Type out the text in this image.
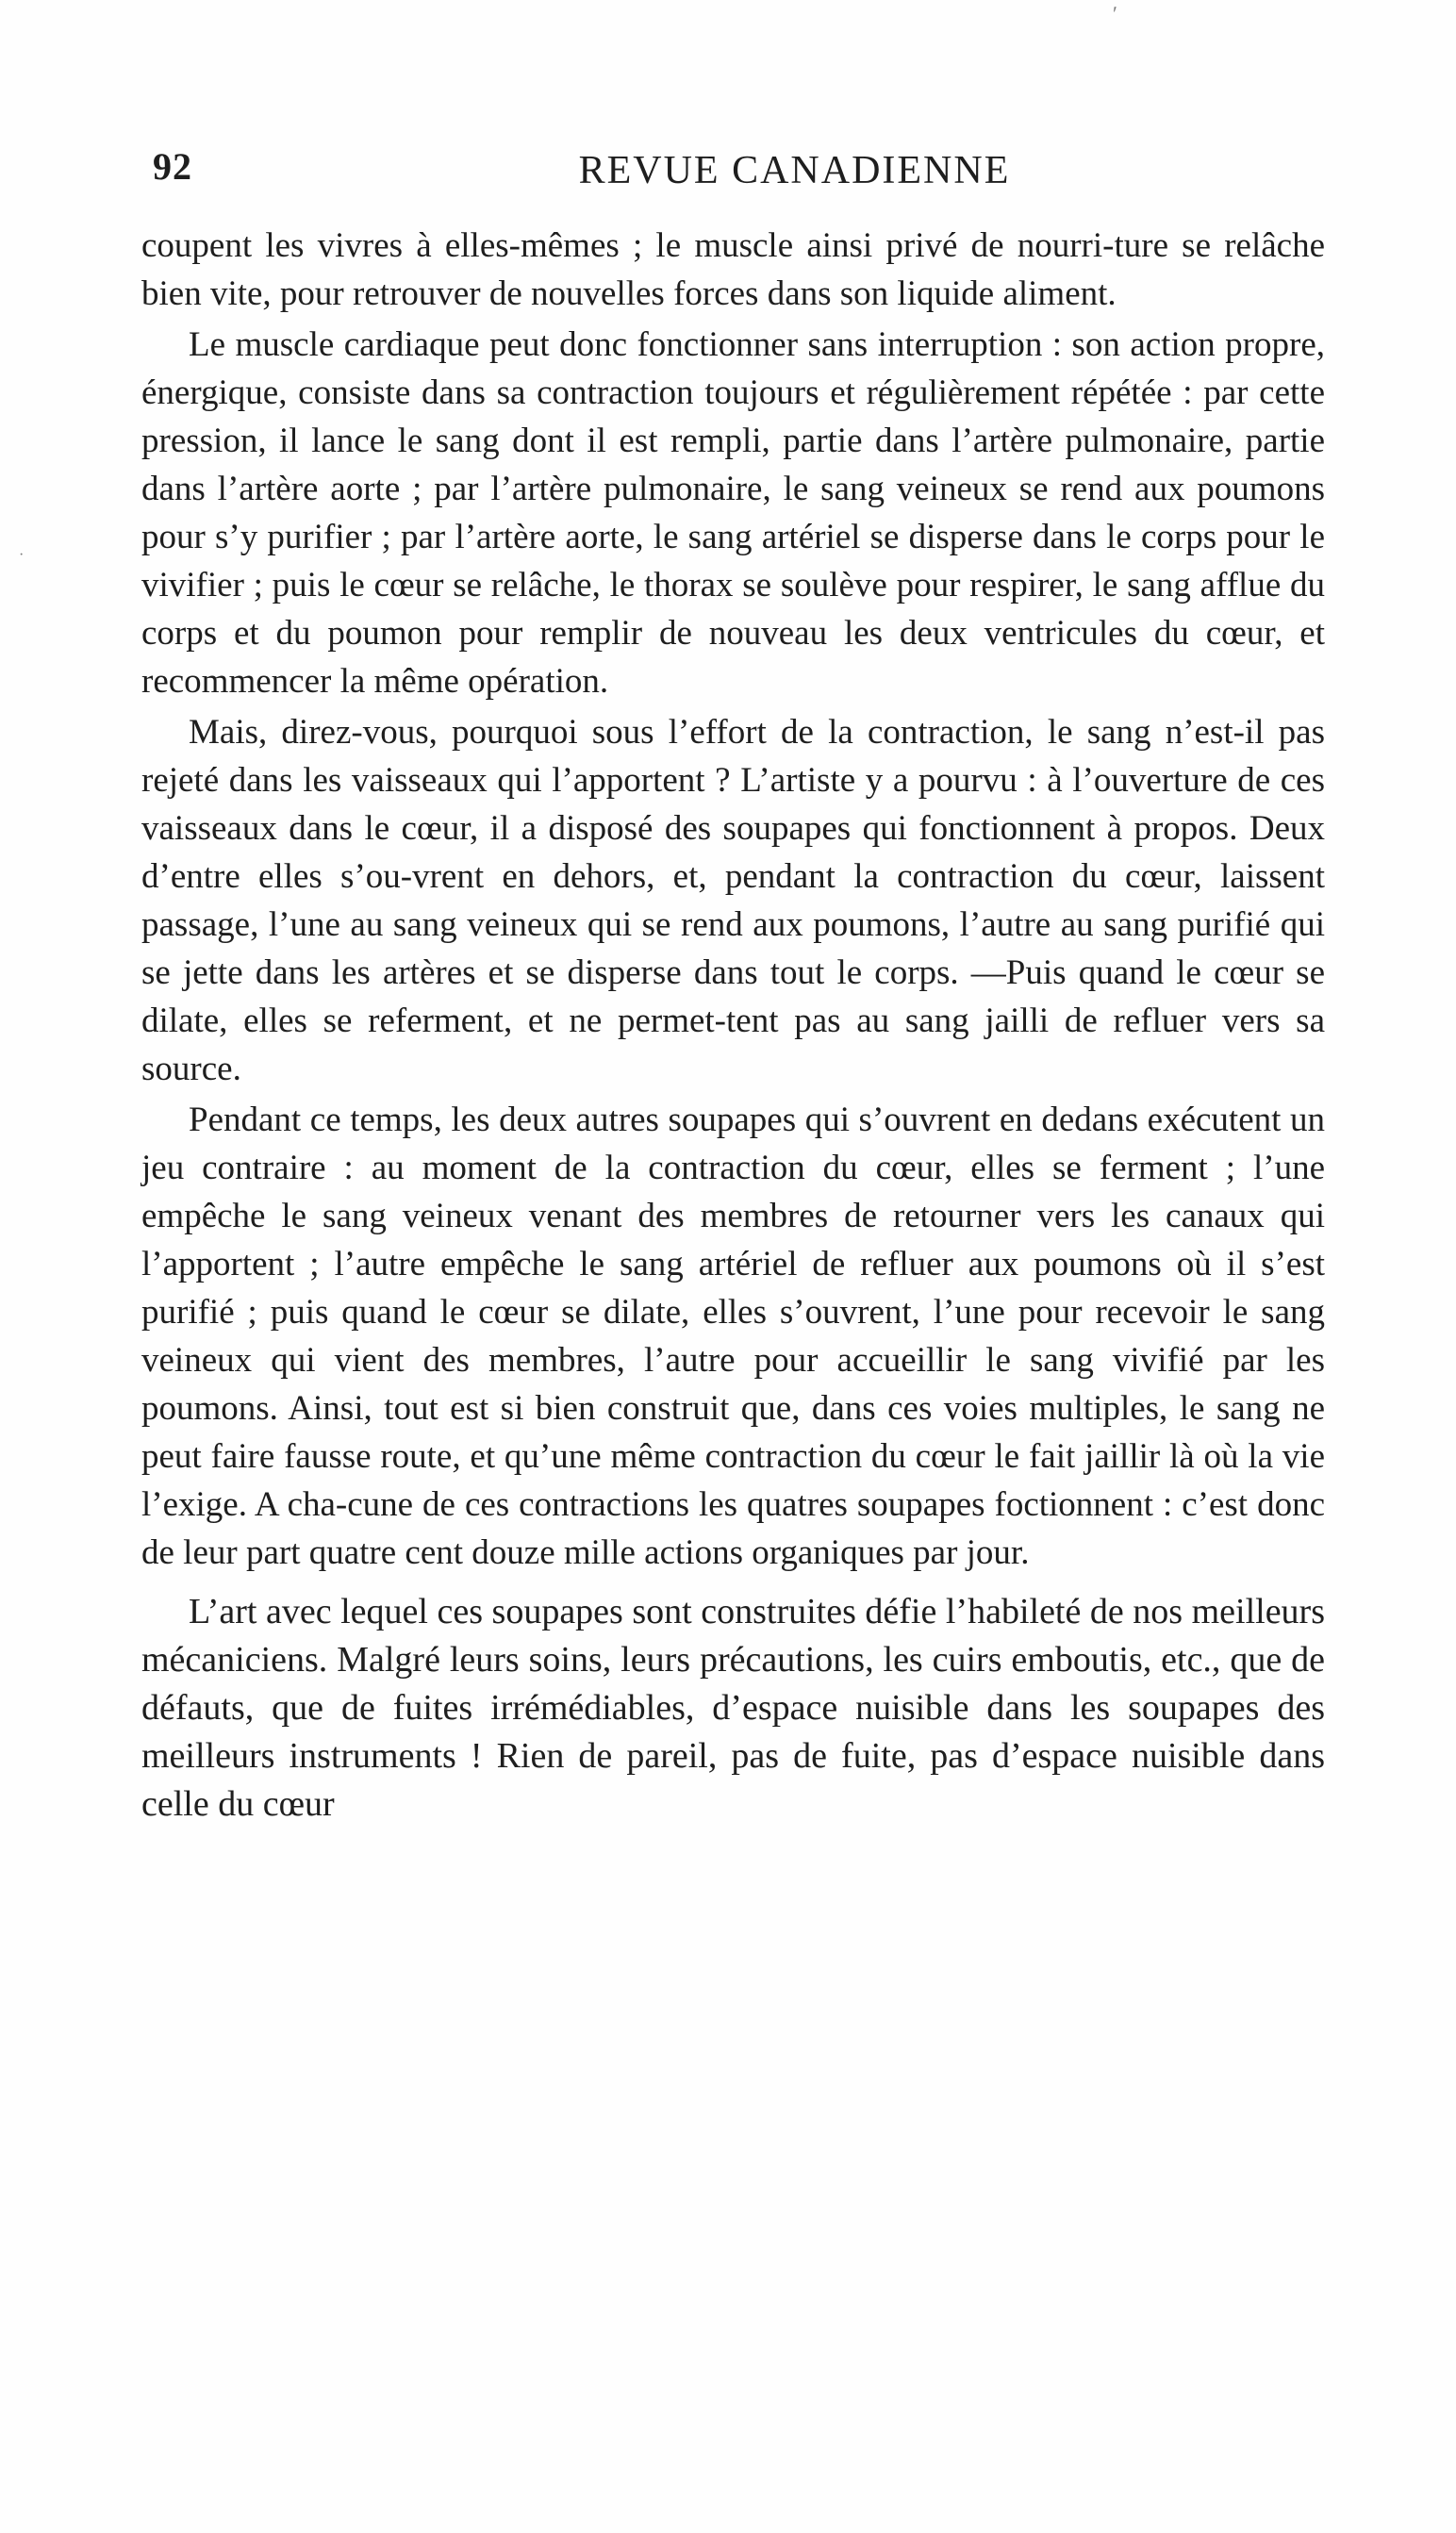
ʹ
·
92	REVUE CANADIENNE

coupent les vivres à elles-mêmes ; le muscle ainsi privé de nourri-ture se relâche bien vite, pour retrouver de nouvelles forces dans son liquide aliment.

Le muscle cardiaque peut donc fonctionner sans interruption : son action propre, énergique, consiste dans sa contraction toujours et régulièrement répétée : par cette pression, il lance le sang dont il est rempli, partie dans l’artère pulmonaire, partie dans l’artère aorte ; par l’artère pulmonaire, le sang veineux se rend aux poumons pour s’y purifier ; par l’artère aorte, le sang artériel se disperse dans le corps pour le vivifier ; puis le cœur se relâche, le thorax se soulève pour respirer, le sang afflue du corps et du poumon pour remplir de nouveau les deux ventricules du cœur, et recommencer la même opération.

Mais, direz-vous, pourquoi sous l’effort de la contraction, le sang n’est-il pas rejeté dans les vaisseaux qui l’apportent ? L’artiste y a pourvu : à l’ouverture de ces vaisseaux dans le cœur, il a disposé des soupapes qui fonctionnent à propos. Deux d’entre elles s’ou-vrent en dehors, et, pendant la contraction du cœur, laissent passage, l’une au sang veineux qui se rend aux poumons, l’autre au sang purifié qui se jette dans les artères et se disperse dans tout le corps. —Puis quand le cœur se dilate, elles se referment, et ne permet-tent pas au sang jailli de refluer vers sa source.

Pendant ce temps, les deux autres soupapes qui s’ouvrent en dedans exécutent un jeu contraire : au moment de la contraction du cœur, elles se ferment ; l’une empêche le sang veineux venant des membres de retourner vers les canaux qui l’apportent ; l’autre empêche le sang artériel de refluer aux poumons où il s’est purifié ; puis quand le cœur se dilate, elles s’ouvrent, l’une pour recevoir le sang veineux qui vient des membres, l’autre pour accueillir le sang vivifié par les poumons. Ainsi, tout est si bien construit que, dans ces voies multiples, le sang ne peut faire fausse route, et qu’une même contraction du cœur le fait jaillir là où la vie l’exige. A cha-cune de ces contractions les quatres soupapes foctionnent : c’est donc de leur part quatre cent douze mille actions organiques par jour.

L’art avec lequel ces soupapes sont construites défie l’habileté de nos meilleurs mécaniciens. Malgré leurs soins, leurs précautions, les cuirs emboutis, etc., que de défauts, que de fuites irrémédiables, d’espace nuisible dans les soupapes des meilleurs instruments ! Rien de pareil, pas de fuite, pas d’espace nuisible dans celle du cœur
